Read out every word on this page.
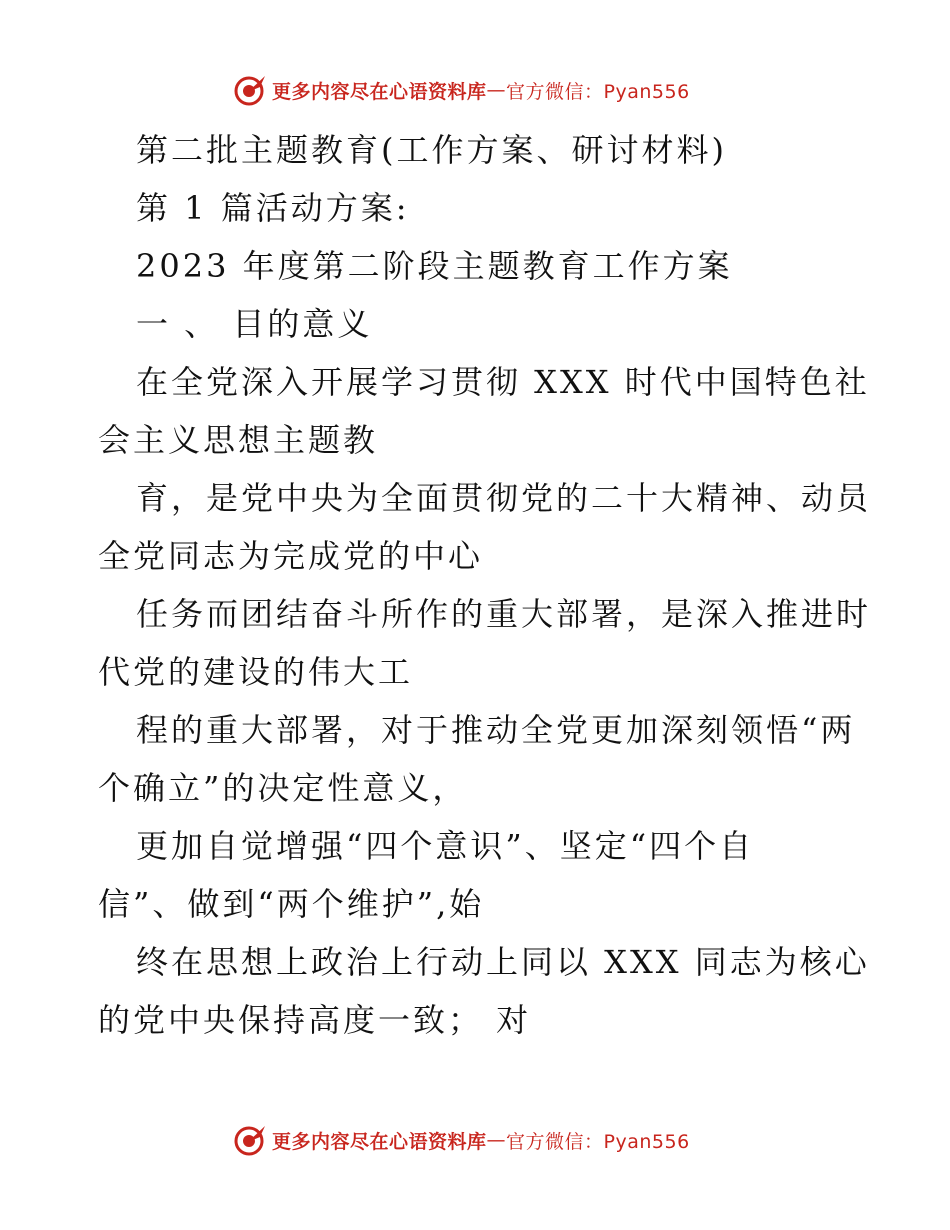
更多内容尽在心语资料库 — 官方微信：Pyan556
第二批主题教育(工作方案、研讨材料)
第 1 篇活动方案:
2023 年度第二阶段主题教育工作方案
一 、 目的意义
在全党深入开展学习贯彻 XXX 时代中国特色社
会主义思想主题教
育，是党中央为全面贯彻党的二十大精神、动员
全党同志为完成党的中心
任务而团结奋斗所作的重大部署，是深入推进时
代党的建设的伟大工
程的重大部署，对于推动全党更加深刻领悟“两
个确立”的决定性意义，
更加自觉增强“四个意识”、坚定“四个自
信”、做到“两个维护”,始
终在思想上政治上行动上同以 XXX 同志为核心
的党中央保持高度一致； 对
更多内容尽在心语资料库 — 官方微信：Pyan556
